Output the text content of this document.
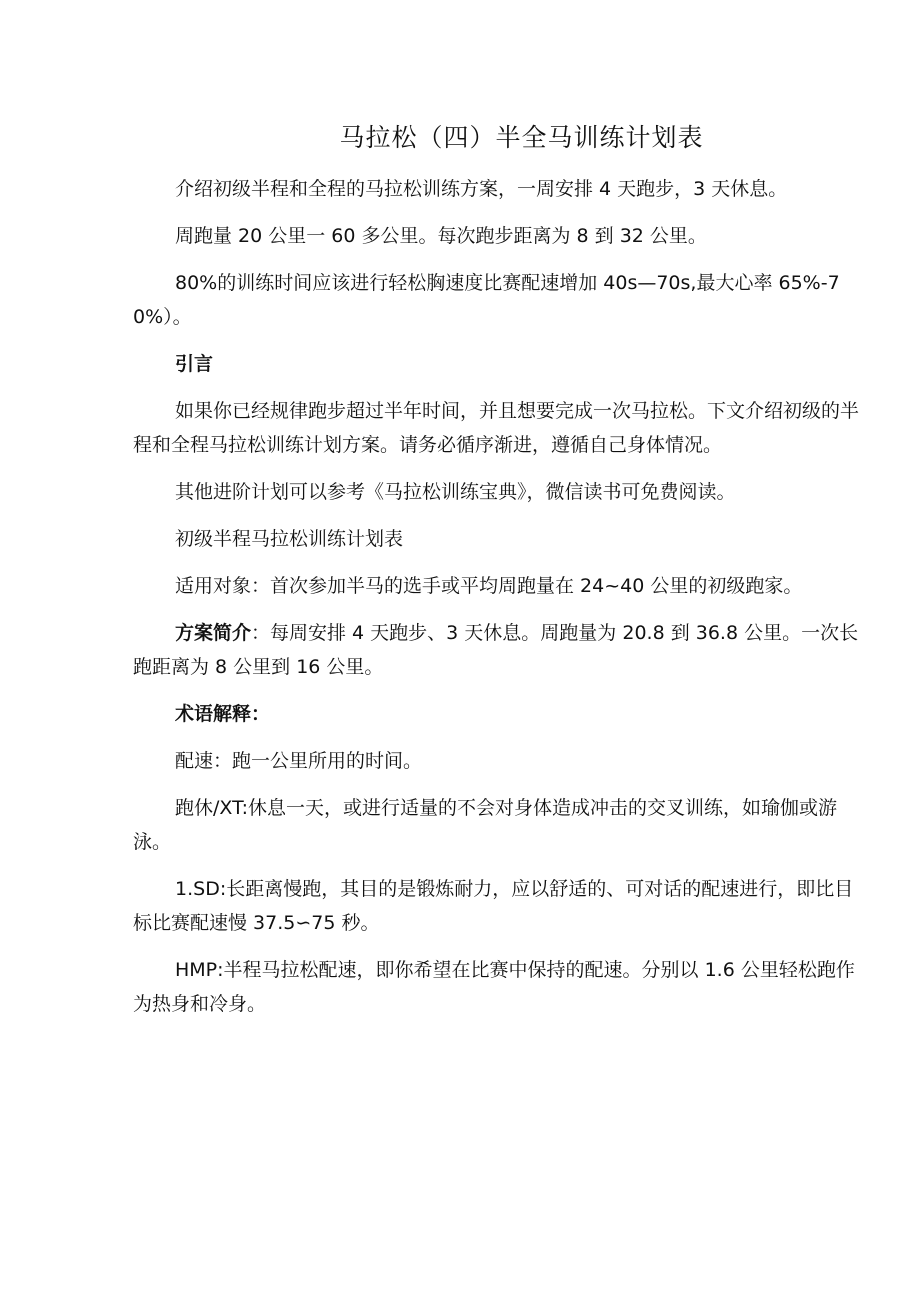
马拉松（四）半全马训练计划表

介绍初级半程和全程的马拉松训练方案，一周安排 4 天跑步，3 天休息。

周跑量 20 公里一 60 多公里。每次跑步距离为 8 到 32 公里。

80%的训练时间应该进行轻松胸速度比赛配速增加 40s—70s,最大心率 65%-70%）。

引言

如果你已经规律跑步超过半年时间，并且想要完成一次马拉松。下文介绍初级的半程和全程马拉松训练计划方案。请务必循序渐进，遵循自己身体情况。

其他进阶计划可以参考《马拉松训练宝典》，微信读书可免费阅读。

初级半程马拉松训练计划表

适用对象：首次参加半马的选手或平均周跑量在 24~40 公里的初级跑家。

方案简介：每周安排 4 天跑步、3 天休息。周跑量为 20.8 到 36.8 公里。一次长跑距离为 8 公里到 16 公里。

术语解释：

配速：跑一公里所用的时间。

跑休/XT:休息一天，或进行适量的不会对身体造成冲击的交叉训练，如瑜伽或游泳。

1.SD:长距离慢跑，其目的是锻炼耐力，应以舒适的、可对话的配速进行，即比目标比赛配速慢 37.5∽75 秒。

HMP:半程马拉松配速，即你希望在比赛中保持的配速。分别以 1.6 公里轻松跑作为热身和冷身。
